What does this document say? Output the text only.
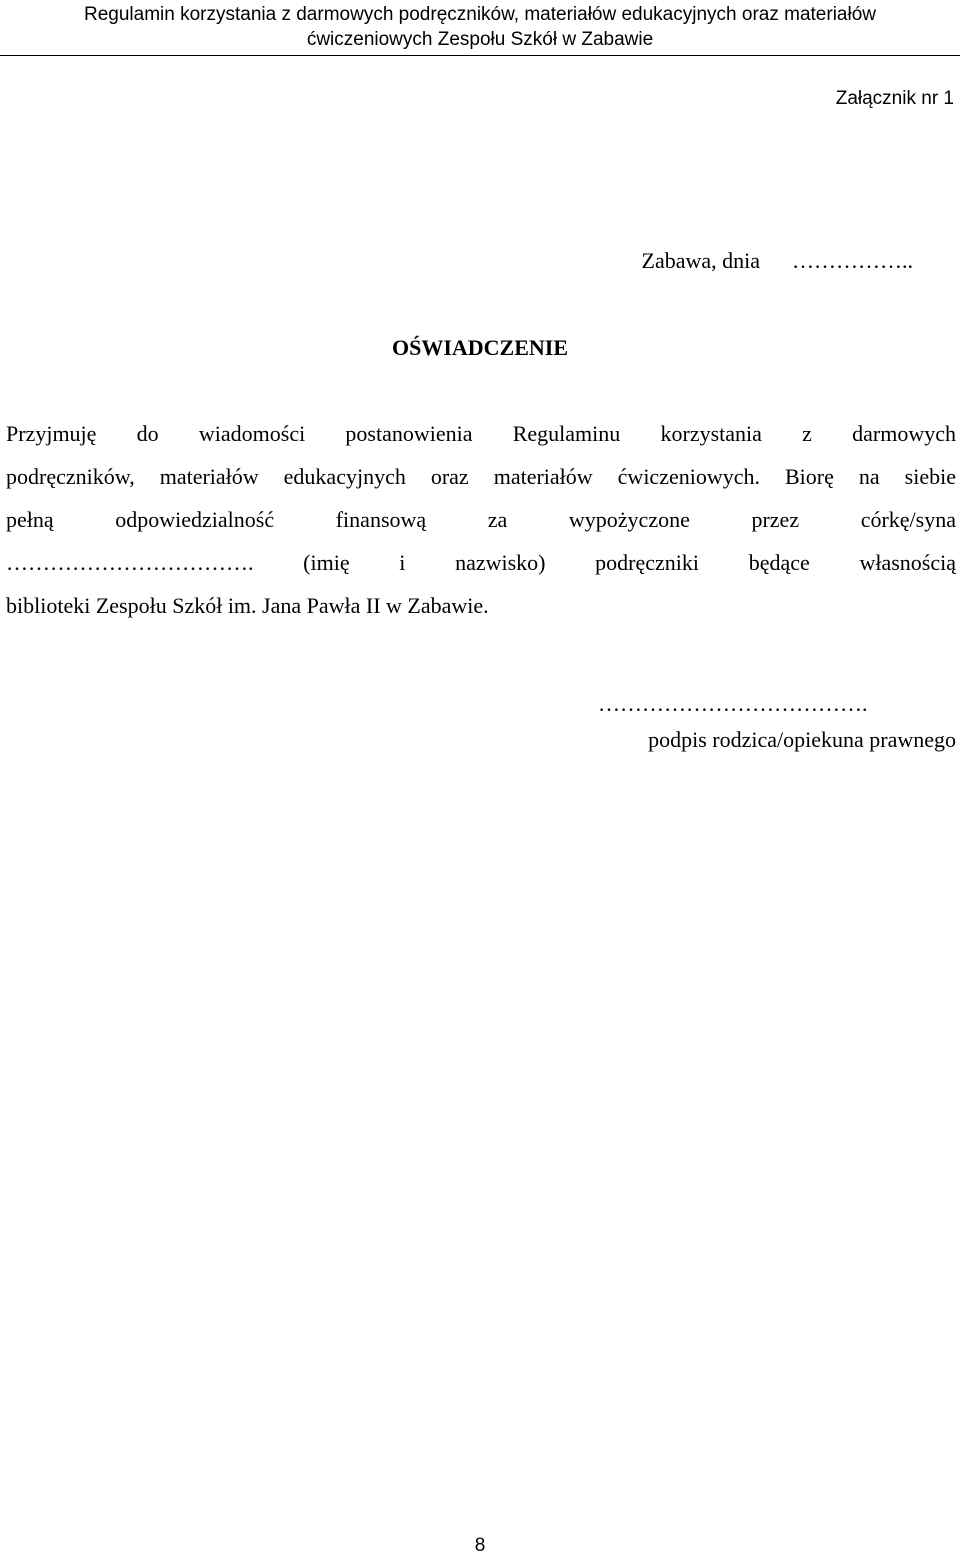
Regulamin korzystania z darmowych podręczników, materiałów edukacyjnych oraz materiałów
ćwiczeniowych Zespołu Szkół w Zabawie
Załącznik nr 1
Zabawa, dnia ……………..
OŚWIADCZENIE
Przyjmuję do wiadomości postanowienia Regulaminu korzystania z darmowych
podręczników, materiałów edukacyjnych oraz materiałów ćwiczeniowych. Biorę na siebie
pełną	odpowiedzialność	finansową	za	wypożyczone	przez	córkę/syna
……………………………. (imię i nazwisko) podręczniki będące własnością
biblioteki Zespołu Szkół im. Jana Pawła II w Zabawie.
……………………………….
podpis rodzica/opiekuna prawnego
8
